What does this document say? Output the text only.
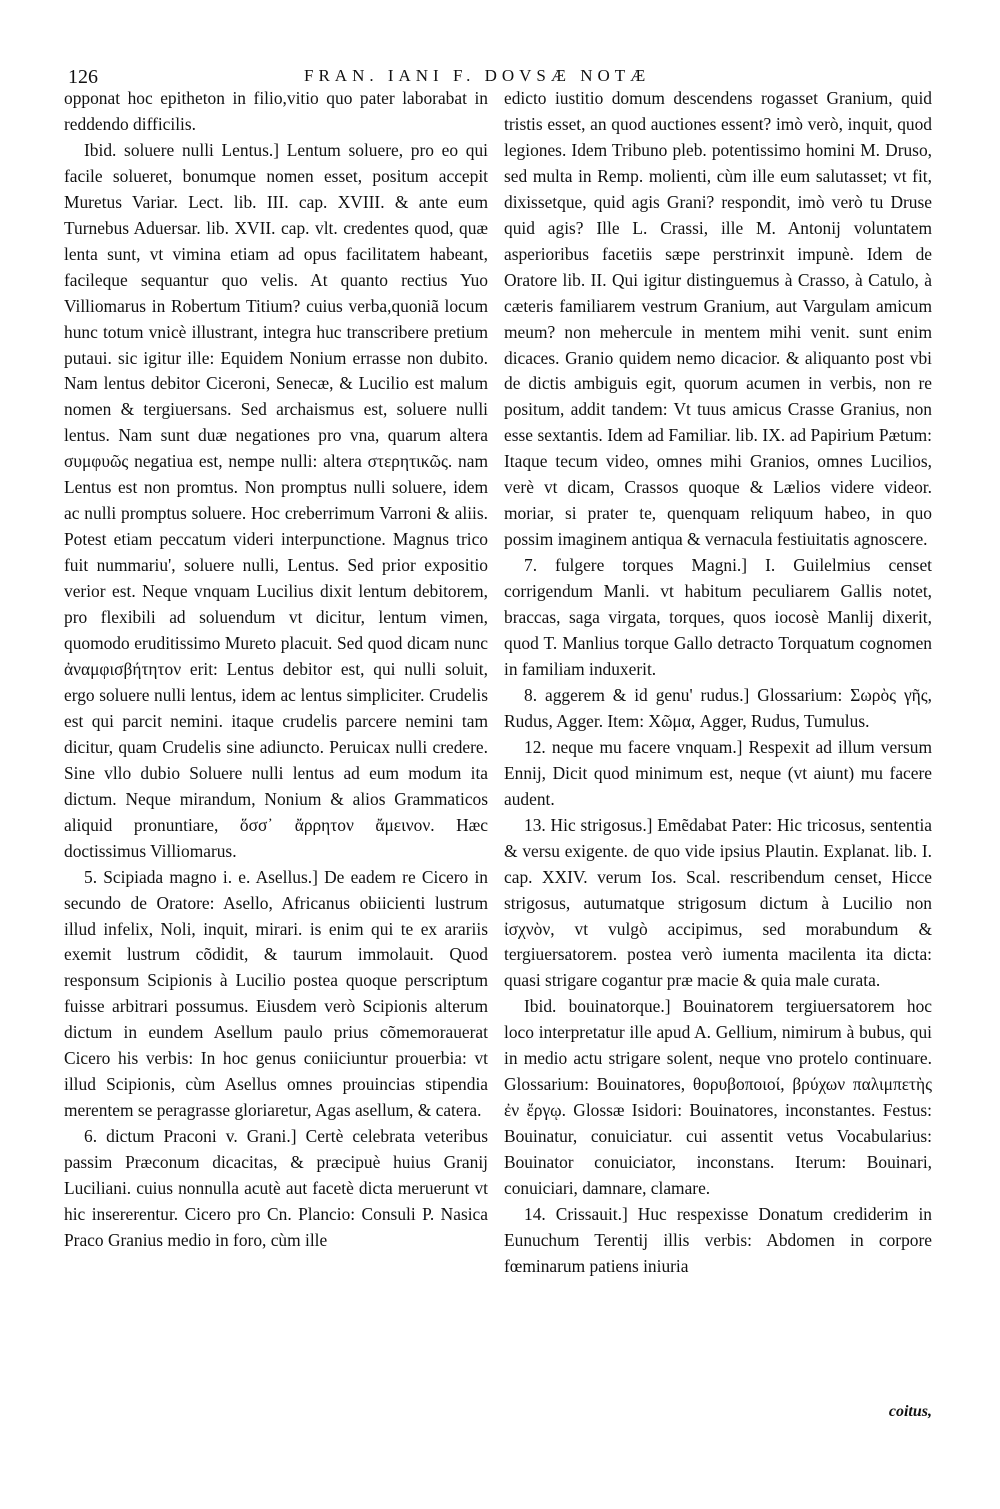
126	FRAN. IANI F. DOVSÆ NOTÆ

opponat hoc epitheton in filio,vitio quo pater laborabat in reddendo difficilis.

Ibid. soluere nulli Lentus.] Lentum soluere, pro eo qui facile solueret, bonumque nomen esset, positum accepit Muretus Variar. Lect. lib. III. cap. XVIII. & ante eum Turnebus Aduersar. lib. XVII. cap. vlt. credentes quod, quæ lenta sunt, vt vimina etiam ad opus facilitatem habeant, facileque sequantur quo velis. At quanto rectius Yuo Villiomarus in Robertum Titium? cuius verba,quoniã locum hunc totum vnicè illustrant, integra huc transcribere pretium putaui. sic igitur ille: Equidem Nonium errasse non dubito. Nam lentus debitor Ciceroni, Senecæ, & Lucilio est malum nomen & tergiuersans. Sed archaismus est, soluere nulli lentus. Nam sunt duæ negationes pro vna, quarum altera συμφυῶς negatiua est, nempe nulli: altera στερητικῶς. nam Lentus est non promtus. Non promptus nulli soluere, idem ac nulli promptus soluere. Hoc creberrimum Varroni & aliis. Potest etiam peccatum videri interpunctione. Magnus trico fuit nummariu', soluere nulli, Lentus. Sed prior expositio verior est. Neque vnquam Lucilius dixit lentum debitorem, pro flexibili ad soluendum vt dicitur, lentum vimen, quomodo eruditissimo Mureto placuit. Sed quod dicam nunc ἀναμφισβήτητον erit: Lentus debitor est, qui nulli soluit, ergo soluere nulli lentus, idem ac lentus simpliciter. Crudelis est qui parcit nemini. itaque crudelis parcere nemini tam dicitur, quam Crudelis sine adiuncto. Peruicax nulli credere. Sine vllo dubio Soluere nulli lentus ad eum modum ita dictum. Neque mirandum, Nonium & alios Grammaticos aliquid pronuntiare, ὅσσ᾽ ἄρρητον ἄμεινον. Hæc doctissimus Villiomarus.

5. Scipiada magno i. e. Asellus.] De eadem re Cicero in secundo de Oratore: Asello, Africanus obiicienti lustrum illud infelix, Noli, inquit, mirari. is enim qui te ex arariis exemit lustrum cõdidit, & taurum immolauit. Quod responsum Scipionis à Lucilio postea quoque perscriptum fuisse arbitrari possumus. Eiusdem verò Scipionis alterum dictum in eundem Asellum paulo prius cõmemorauerat Cicero his verbis: In hoc genus coniiciuntur prouerbia: vt illud Scipionis, cùm Asellus omnes prouincias stipendia merentem se peragrasse gloriaretur, Agas asellum, & catera.

6. dictum Praconi v. Grani.] Certè celebrata veteribus passim Præconum dicacitas, & præcipuè huius Granij Luciliani. cuius nonnulla acutè aut facetè dicta meruerunt vt hic insererentur. Cicero pro Cn. Plancio: Consuli P. Nasica Praco Granius medio in foro, cùm ille

edicto iustitio domum descendens rogasset Granium, quid tristis esset, an quod auctiones essent? imò verò, inquit, quod legiones. Idem Tribuno pleb. potentissimo homini M. Druso, sed multa in Remp. molienti, cùm ille eum salutasset; vt fit, dixissetque, quid agis Grani? respondit, imò verò tu Druse quid agis? Ille L. Crassi, ille M. Antonij voluntatem asperioribus facetiis sæpe perstrinxit impunè. Idem de Oratore lib. II. Qui igitur distinguemus à Crasso, à Catulo, à cæteris familiarem vestrum Granium, aut Vargulam amicum meum? non mehercule in mentem mihi venit. sunt enim dicaces. Granio quidem nemo dicacior. & aliquanto post vbi de dictis ambiguis egit, quorum acumen in verbis, non re positum, addit tandem: Vt tuus amicus Crasse Granius, non esse sextantis. Idem ad Familiar. lib. IX. ad Papirium Pætum: Itaque tecum video, omnes mihi Granios, omnes Lucilios, verè vt dicam, Crassos quoque & Lælios videre videor. moriar, si prater te, quenquam reliquum habeo, in quo possim imaginem antiqua & vernacula festiuitatis agnoscere.

7. fulgere torques Magni.] I. Guilelmius censet corrigendum Manli. vt habitum peculiarem Gallis notet, braccas, saga virgata, torques, quos iocosè Manlij dixerit, quod T. Manlius torque Gallo detracto Torquatum cognomen in familiam induxerit.

8. aggerem & id genu' rudus.] Glossarium: Σωρὸς γῆς, Rudus, Agger. Item: Χῶμα, Agger, Rudus, Tumulus.

12. neque mu facere vnquam.] Respexit ad illum versum Ennij, Dicit quod minimum est, neque (vt aiunt) mu facere audent.

13. Hic strigosus.] Emẽdabat Pater: Hic tricosus, sententia & versu exigente. de quo vide ipsius Plautin. Explanat. lib. I. cap. XXIV. verum Ios. Scal. rescribendum censet, Hicce strigosus, autumatque strigosum dictum à Lucilio non ἰσχνὸν, vt vulgò accipimus, sed morabundum & tergiuersatorem. postea verò iumenta macilenta ita dicta: quasi strigare cogantur præ macie & quia male curata.

Ibid. bouinatorque.] Bouinatorem tergiuersatorem hoc loco interpretatur ille apud A. Gellium, nimirum à bubus, qui in medio actu strigare solent, neque vno protelo continuare. Glossarium: Bouinatores, θορυβοποιοί, βρύχων παλιμπετὴς ἐν ἔργῳ. Glossæ Isidori: Bouinatores, inconstantes. Festus: Bouinatur, conuiciatur. cui assentit vetus Vocabularius: Bouinator conuiciator, inconstans. Iterum: Bouinari, conuiciari, damnare, clamare.

14. Crissauit.] Huc respexisse Donatum crediderim in Eunuchum Terentij illis verbis: Abdomen in corpore fœminarum patiens iniuria

coitus,
